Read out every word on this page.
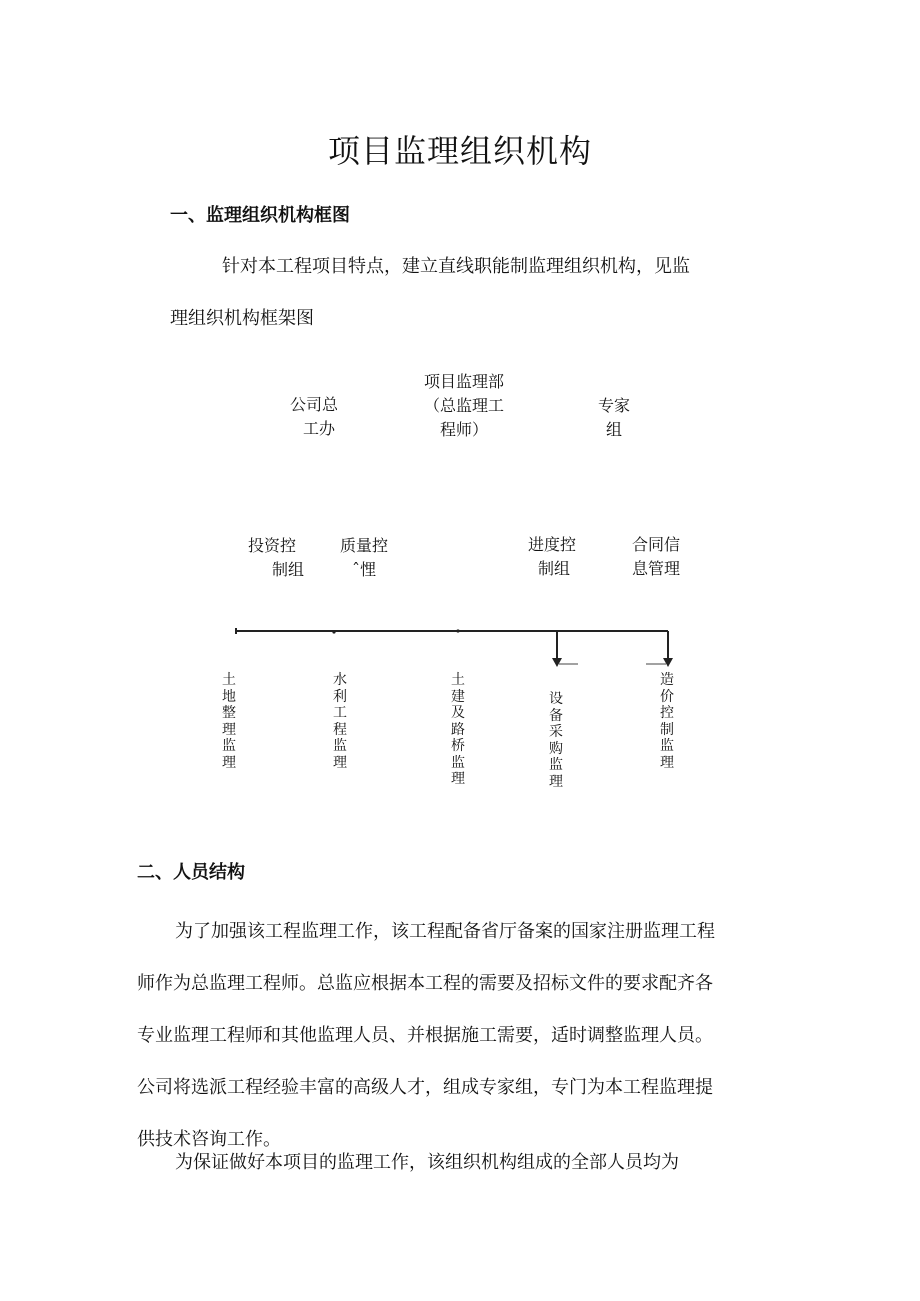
项目监理组织机构
一、监理组织机构框图

针对本工程项目特点，建立直线职能制监理组织机构，见监

理组织机构框架图

公司总
工办
项目监理部
（总监理工
程师）
专家
组
投资控
制组
质量控
ˆ悝
进度控
制组
合同信
息管理
土
地
整
理
监
理
水
利
工
程
监
理
土
建
及
路
桥
监
理
设
备
采
购
监
理
造
价
控
制
监
理
二、人员结构

为了加强该工程监理工作，该工程配备省厅备案的国家注册监理工程

师作为总监理工程师。总监应根据本工程的需要及招标文件的要求配齐各

专业监理工程师和其他监理人员、并根据施工需要，适时调整监理人员。

公司将选派工程经验丰富的高级人才，组成专家组，专门为本工程监理提

供技术咨询工作。

为保证做好本项目的监理工作，该组织机构组成的全部人员均为
